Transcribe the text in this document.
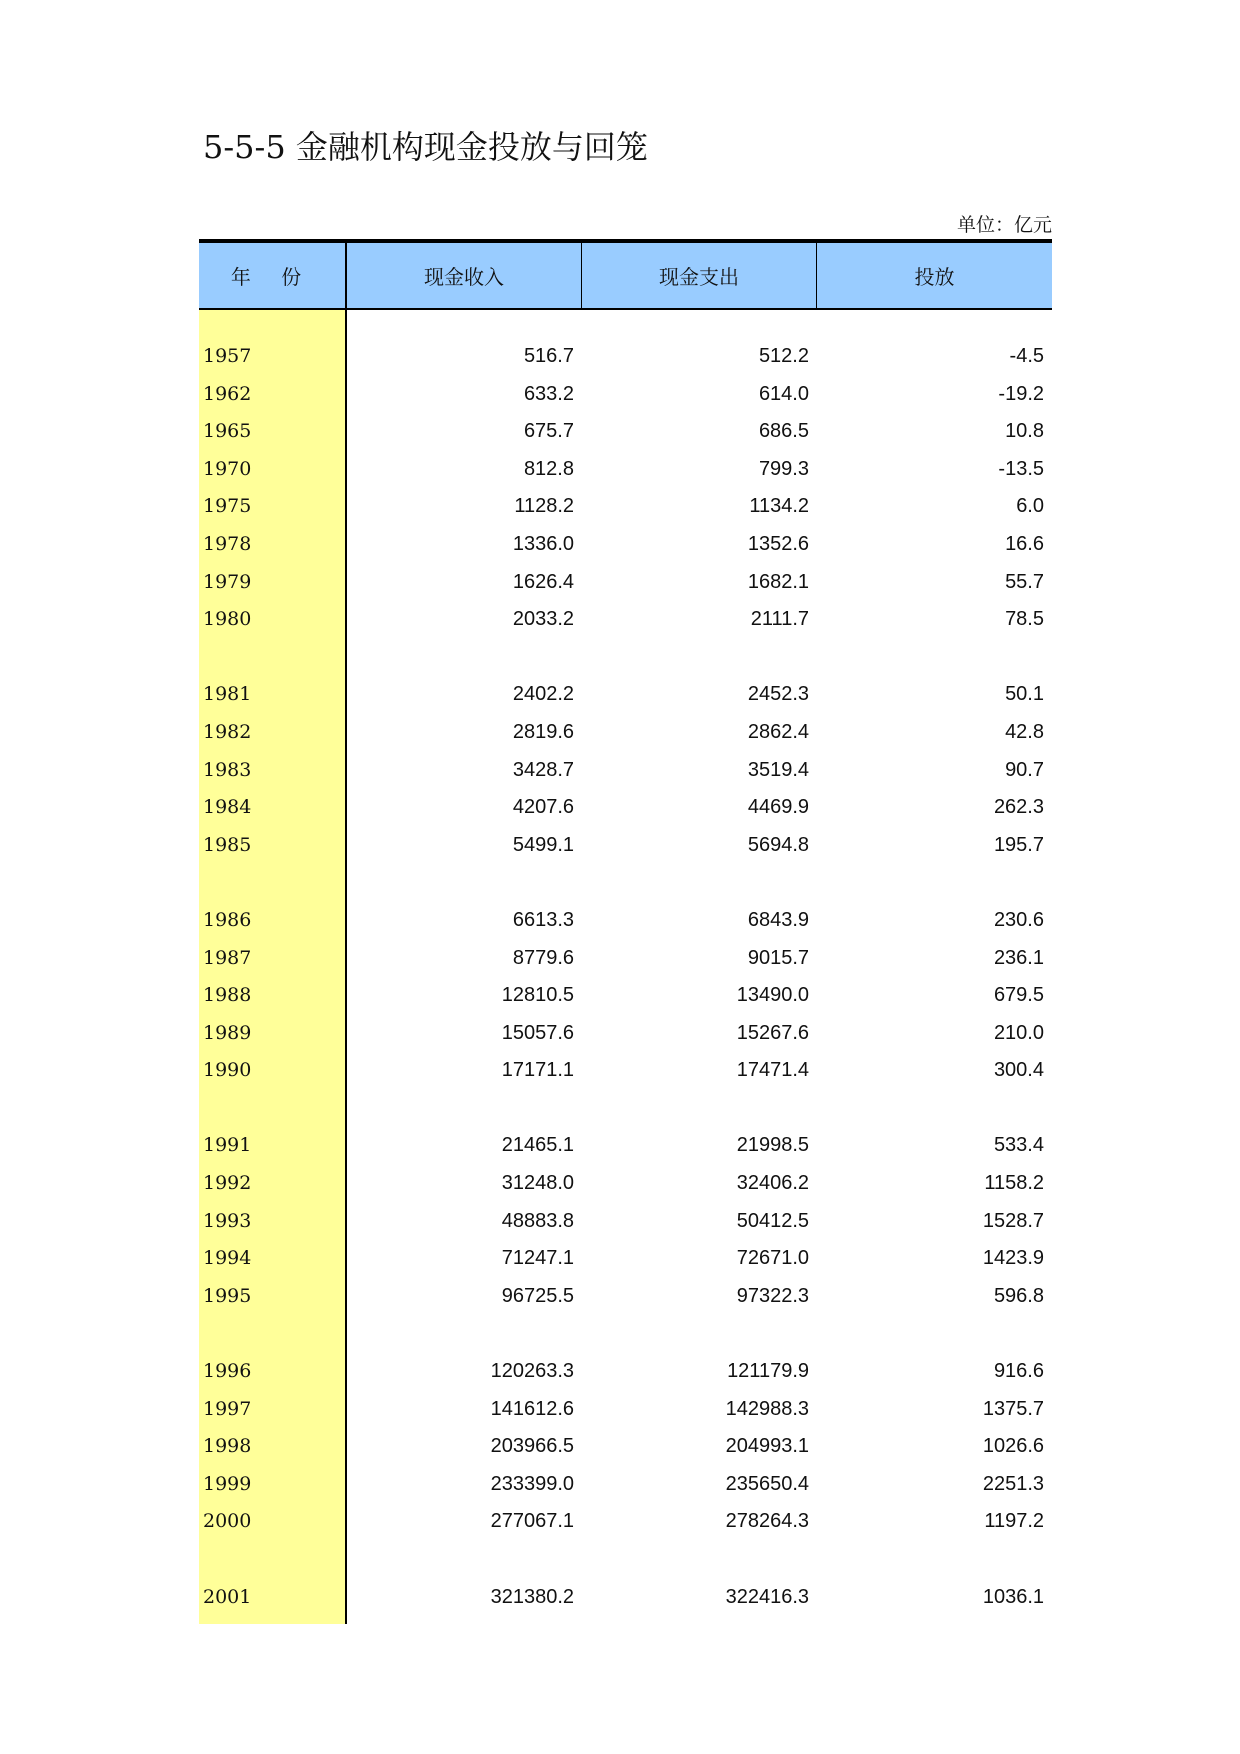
5-5-5 金融机构现金投放与回笼
单位：亿元
年 份	现金收入	现金支出	投放
1957	516.7	512.2	-4.5
1962	633.2	614.0	-19.2
1965	675.7	686.5	10.8
1970	812.8	799.3	-13.5
1975	1128.2	1134.2	6.0
1978	1336.0	1352.6	16.6
1979	1626.4	1682.1	55.7
1980	2033.2	2111.7	78.5
1981	2402.2	2452.3	50.1
1982	2819.6	2862.4	42.8
1983	3428.7	3519.4	90.7
1984	4207.6	4469.9	262.3
1985	5499.1	5694.8	195.7
1986	6613.3	6843.9	230.6
1987	8779.6	9015.7	236.1
1988	12810.5	13490.0	679.5
1989	15057.6	15267.6	210.0
1990	17171.1	17471.4	300.4
1991	21465.1	21998.5	533.4
1992	31248.0	32406.2	1158.2
1993	48883.8	50412.5	1528.7
1994	71247.1	72671.0	1423.9
1995	96725.5	97322.3	596.8
1996	120263.3	121179.9	916.6
1997	141612.6	142988.3	1375.7
1998	203966.5	204993.1	1026.6
1999	233399.0	235650.4	2251.3
2000	277067.1	278264.3	1197.2
2001	321380.2	322416.3	1036.1
